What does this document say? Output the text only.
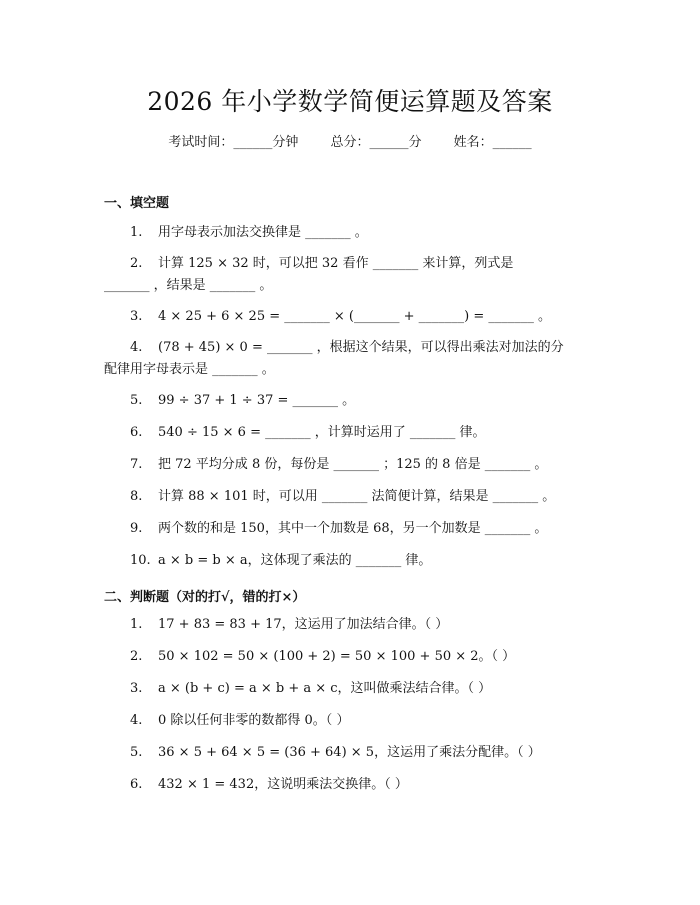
2026 年小学数学简便运算题及答案
考试时间：______分钟 总分：______分 姓名：______
一、填空题
1. 用字母表示加法交换律是 _______ 。
2. 计算 125 × 32 时，可以把 32 看作 _______ 来计算，列式是
_______ ，结果是 _______ 。
3. 4 × 25 + 6 × 25 = _______ × (_______ + _______) = _______ 。
4. (78 + 45) × 0 = _______ ，根据这个结果，可以得出乘法对加法的分
配律用字母表示是 _______ 。
5. 99 ÷ 37 + 1 ÷ 37 = _______ 。
6. 540 ÷ 15 × 6 = _______ ，计算时运用了 _______ 律。
7. 把 72 平均分成 8 份，每份是 _______ ；125 的 8 倍是 _______ 。
8. 计算 88 × 101 时，可以用 _______ 法简便计算，结果是 _______ 。
9. 两个数的和是 150，其中一个加数是 68，另一个加数是 _______ 。
10. a × b = b × a，这体现了乘法的 _______ 律。
二、判断题（对的打√，错的打×）
1. 17 + 83 = 83 + 17，这运用了加法结合律。（ ）
2. 50 × 102 = 50 × (100 + 2) = 50 × 100 + 50 × 2。（ ）
3. a × (b + c) = a × b + a × c，这叫做乘法结合律。（ ）
4. 0 除以任何非零的数都得 0。（ ）
5. 36 × 5 + 64 × 5 = (36 + 64) × 5，这运用了乘法分配律。（ ）
6. 432 × 1 = 432，这说明乘法交换律。（ ）
